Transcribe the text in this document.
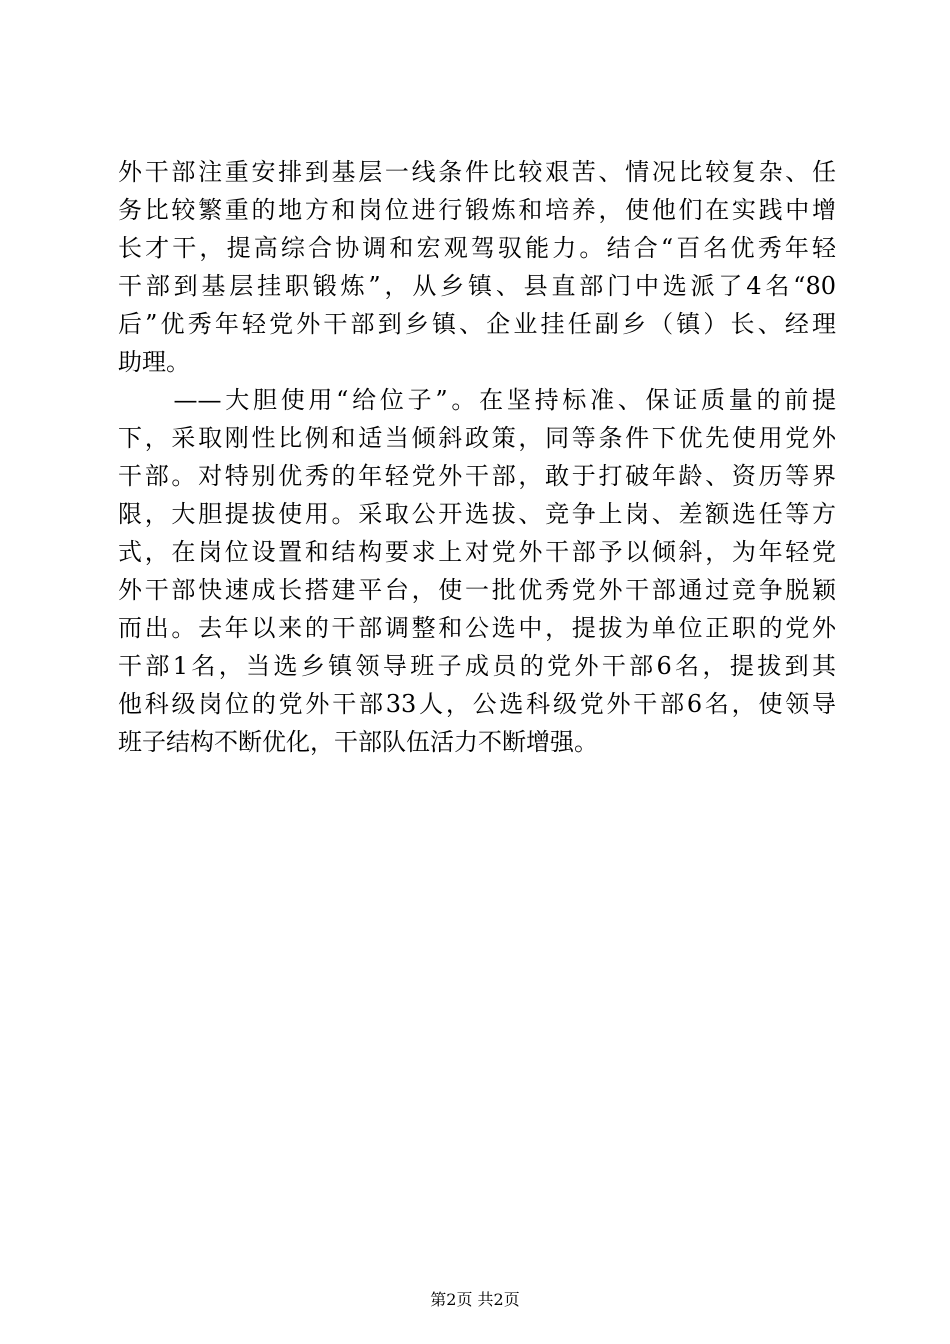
外干部注重安排到基层一线条件比较艰苦、情况比较复杂、任
务比较繁重的地方和岗位进行锻炼和培养，使他们在实践中增
长才干，提高综合协调和宏观驾驭能力。结合“百名优秀年轻
干部到基层挂职锻炼”，从乡镇、县直部门中选派了4名“80
后”优秀年轻党外干部到乡镇、企业挂任副乡（镇）长、经理
助理。
　　——大胆使用“给位子”。在坚持标准、保证质量的前提
下，采取刚性比例和适当倾斜政策，同等条件下优先使用党外
干部。对特别优秀的年轻党外干部，敢于打破年龄、资历等界
限，大胆提拔使用。采取公开选拔、竞争上岗、差额选任等方
式，在岗位设置和结构要求上对党外干部予以倾斜，为年轻党
外干部快速成长搭建平台，使一批优秀党外干部通过竞争脱颖
而出。去年以来的干部调整和公选中，提拔为单位正职的党外
干部1名，当选乡镇领导班子成员的党外干部6名，提拔到其
他科级岗位的党外干部33人，公选科级党外干部6名，使领导
班子结构不断优化，干部队伍活力不断增强。
第2页 共2页
